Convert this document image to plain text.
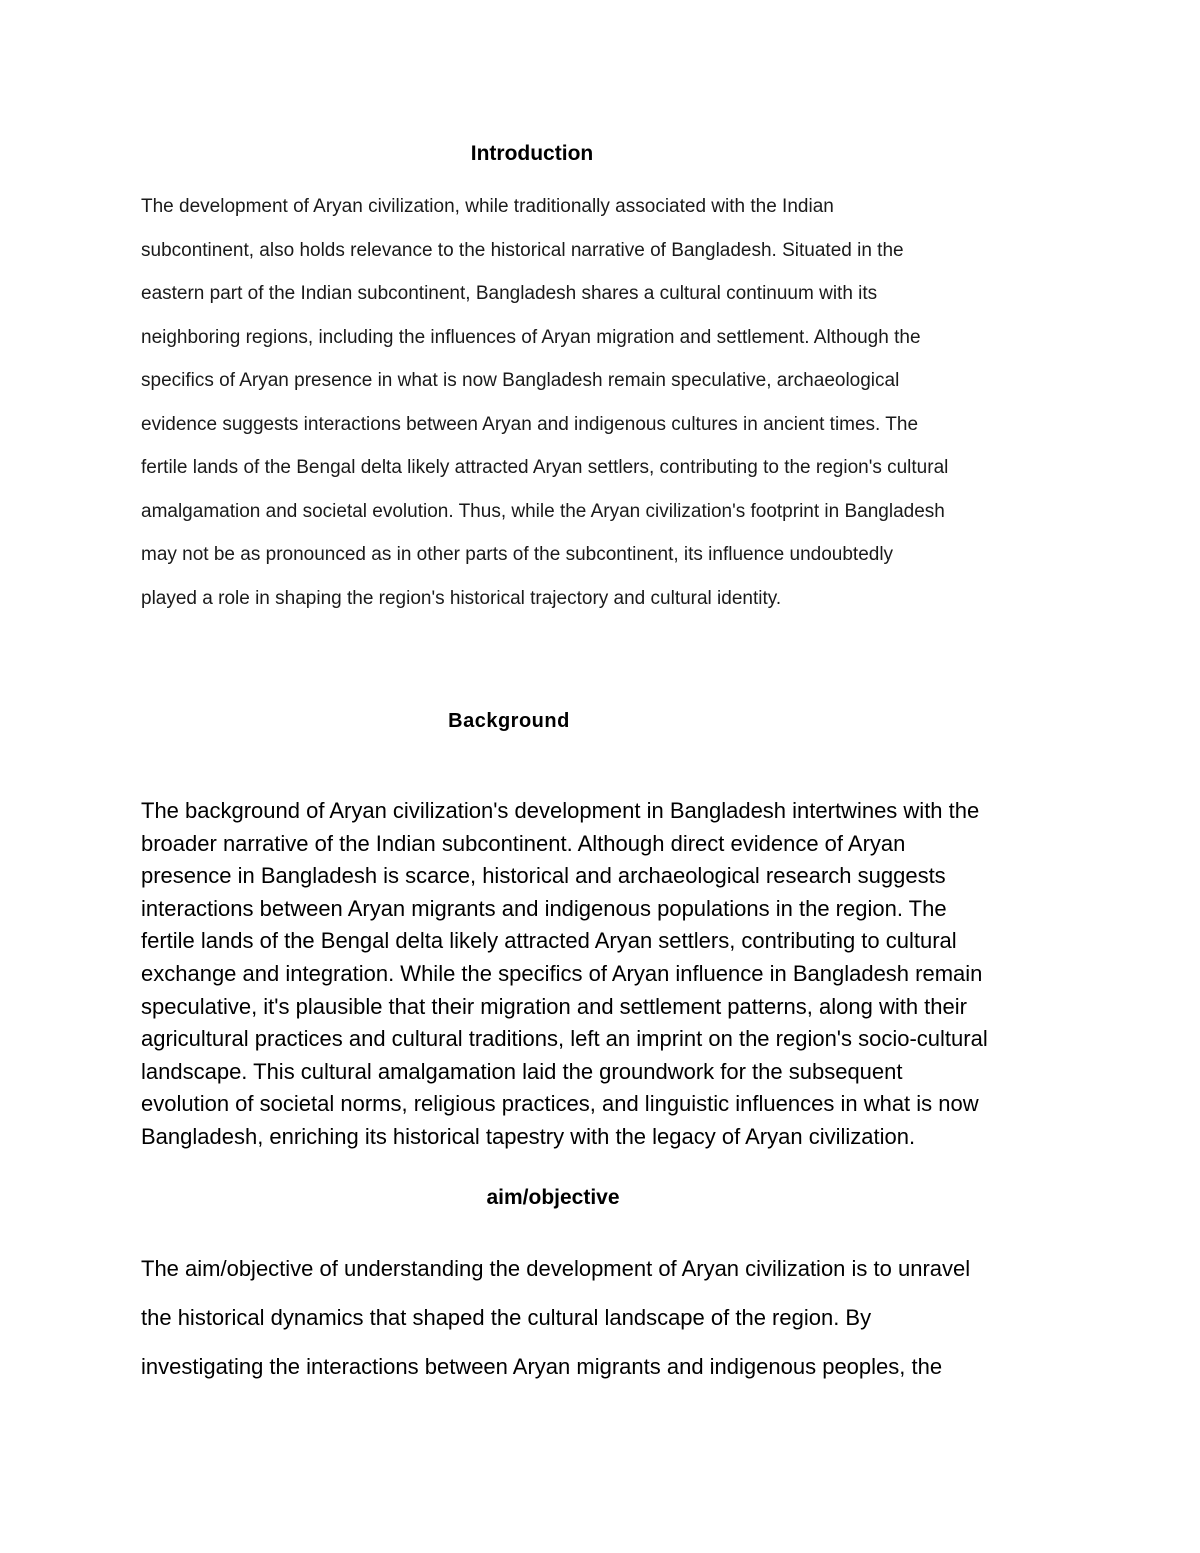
Introduction

The development of Aryan civilization, while traditionally associated with the Indian
subcontinent, also holds relevance to the historical narrative of Bangladesh. Situated in the
eastern part of the Indian subcontinent, Bangladesh shares a cultural continuum with its
neighboring regions, including the influences of Aryan migration and settlement. Although the
specifics of Aryan presence in what is now Bangladesh remain speculative, archaeological
evidence suggests interactions between Aryan and indigenous cultures in ancient times. The
fertile lands of the Bengal delta likely attracted Aryan settlers, contributing to the region's cultural
amalgamation and societal evolution. Thus, while the Aryan civilization's footprint in Bangladesh
may not be as pronounced as in other parts of the subcontinent, its influence undoubtedly
played a role in shaping the region's historical trajectory and cultural identity.

Background

The background of Aryan civilization's development in Bangladesh intertwines with the
broader narrative of the Indian subcontinent. Although direct evidence of Aryan
presence in Bangladesh is scarce, historical and archaeological research suggests
interactions between Aryan migrants and indigenous populations in the region. The
fertile lands of the Bengal delta likely attracted Aryan settlers, contributing to cultural
exchange and integration. While the specifics of Aryan influence in Bangladesh remain
speculative, it's plausible that their migration and settlement patterns, along with their
agricultural practices and cultural traditions, left an imprint on the region's socio-cultural
landscape. This cultural amalgamation laid the groundwork for the subsequent
evolution of societal norms, religious practices, and linguistic influences in what is now
Bangladesh, enriching its historical tapestry with the legacy of Aryan civilization.

aim/objective

The aim/objective of understanding the development of Aryan civilization is to unravel
the historical dynamics that shaped the cultural landscape of the region. By
investigating the interactions between Aryan migrants and indigenous peoples, the
